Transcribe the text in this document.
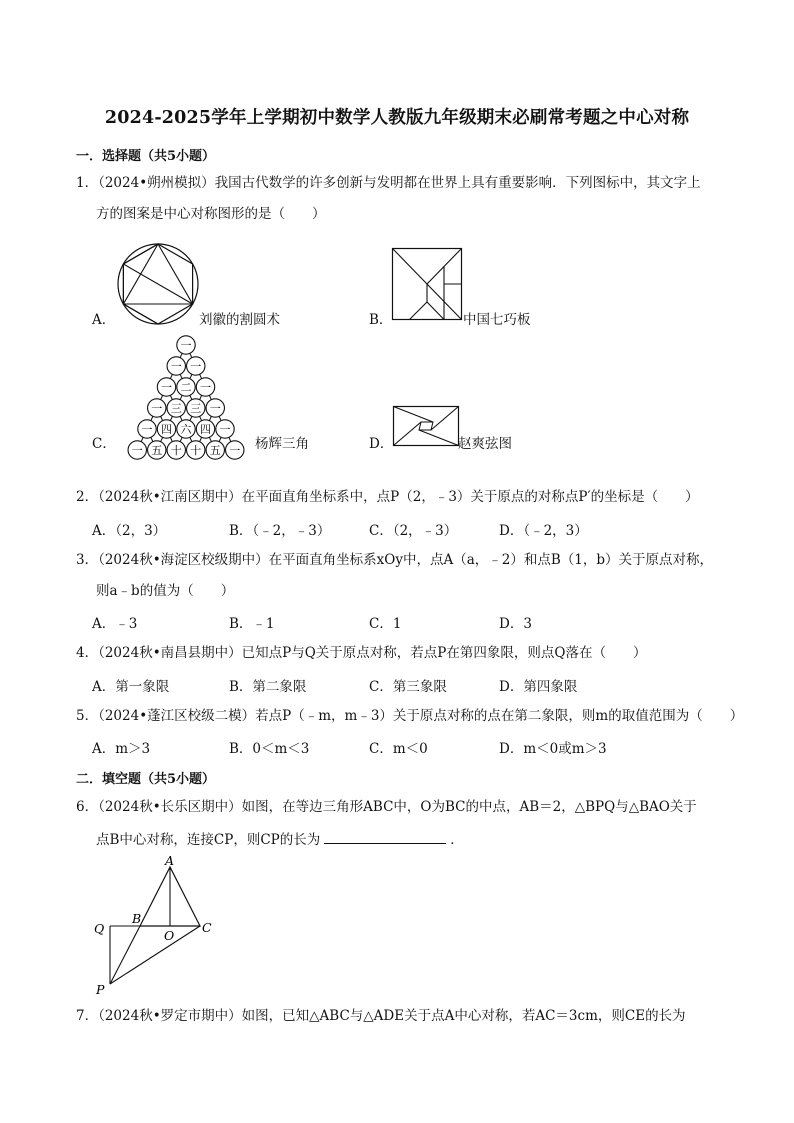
2024-2025学年上学期初中数学人教版九年级期末必刷常考题之中心对称
一．选择题（共5小题）
1．（2024•朔州模拟）我国古代数学的许多创新与发明都在世界上具有重要影响．下列图标中，其文字上
方的图案是中心对称图形的是（　　）
A．	刘徽的割圆术	B．	中国七巧板
C．
一
一 一
一 二 一
一 三 三 一
一 四 六 四 一
一 五 十 十 五 一 杨辉三角	D．	赵爽弦图
2．（2024秋•江南区期中）在平面直角坐标系中，点P（2，﹣3）关于原点的对称点P′的坐标是（　　）
A．（2，3）	B．（﹣2，﹣3）	C．（2，﹣3）	D．（﹣2，3）
3．（2024秋•海淀区校级期中）在平面直角坐标系xOy中，点A（a，﹣2）和点B（1，b）关于原点对称，
则a﹣b的值为（　　）
A．﹣3	B．﹣1	C．1	D．3
4．（2024秋•南昌县期中）已知点P与Q关于原点对称，若点P在第四象限，则点Q落在（　　）
A．第一象限	B．第二象限	C．第三象限	D．第四象限
5．（2024•蓬江区校级二模）若点P（﹣m，m﹣3）关于原点对称的点在第二象限，则m的取值范围为（　　）
A．m＞3	B．0＜m＜3	C．m＜0	D．m＜0或m＞3
二．填空题（共5小题）
6．（2024秋•长乐区期中）如图，在等边三角形ABC中，O为BC的中点，AB＝2，△BPQ与△BAO关于
点B中心对称，连接CP，则CP的长为	．
A
B
O
C
Q
P
7．（2024秋•罗定市期中）如图，已知△ABC与△ADE关于点A中心对称，若AC＝3cm，则CE的长为
